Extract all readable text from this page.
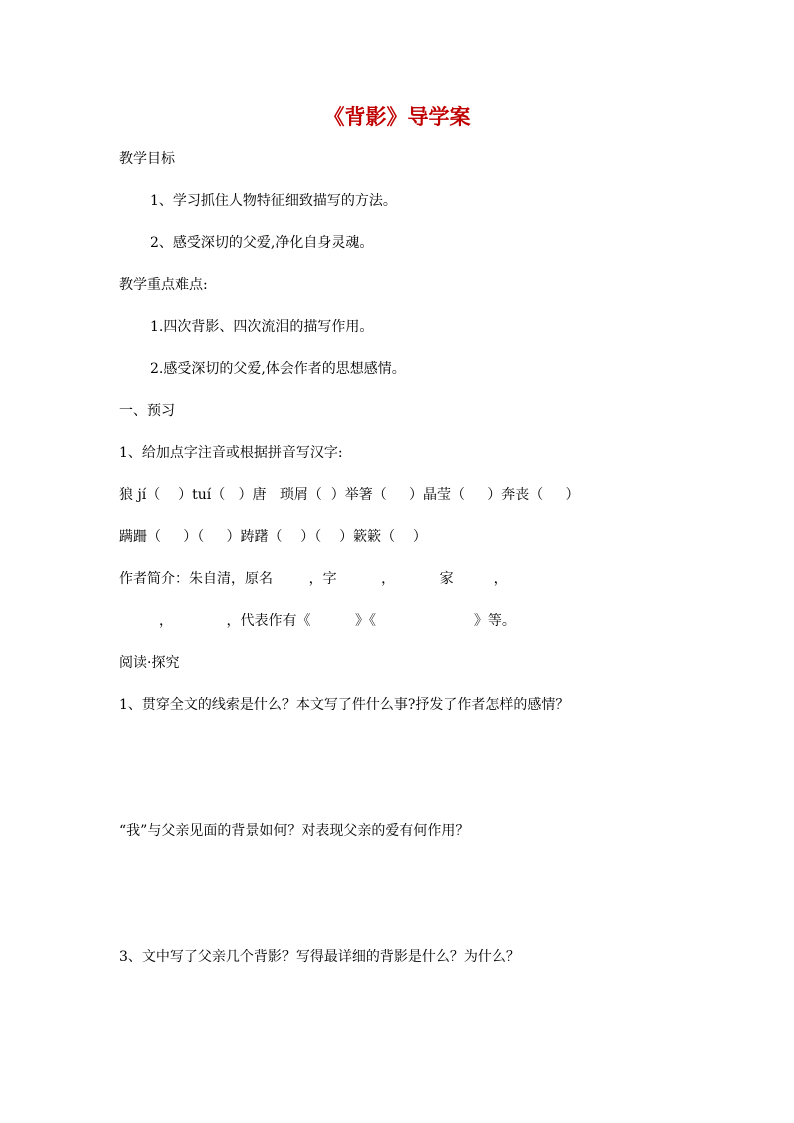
《背影》导学案

教学目标

1、学习抓住人物特征细致描写的方法。

2、感受深切的父爱,净化自身灵魂。

教学重点难点:

1.四次背影、四次流泪的描写作用。

2.感受深切的父爱,体会作者的思想感情。

一、预习

1、给加点字注音或根据拼音写汉字:

狼 jí（    ）tuí（   ）唐   琐屑（  ）举箸（     ）晶莹（     ）奔丧（     ）

蹒跚（     ）（     ）踌躇（    ）（    ）簌簌（    ）

作者简介：朱自清，原名        ，字          ，          家         ，

，            ，代表作有《          》《                      》等。

阅读·探究

1、贯穿全文的线索是什么？本文写了件什么事?抒发了作者怎样的感情？

“我”与父亲见面的背景如何？对表现父亲的爱有何作用？

3、文中写了父亲几个背影？写得最详细的背影是什么？为什么？
